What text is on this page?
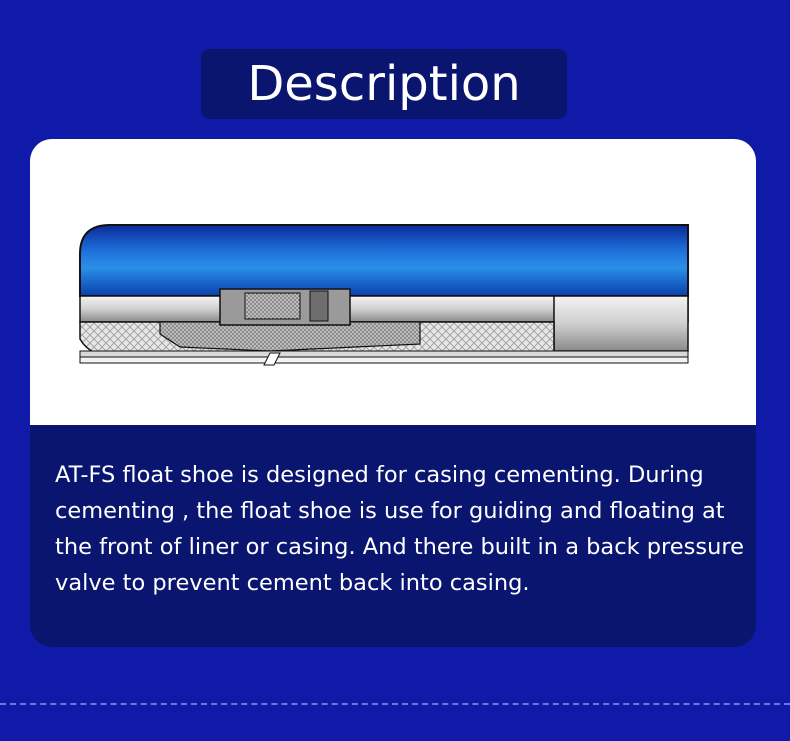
Description
AT-FS float shoe is designed for casing cementing. During cementing , the float shoe is use for guiding and floating at the front of liner or casing. And there built in a back pressure valve to prevent cement back into casing.
